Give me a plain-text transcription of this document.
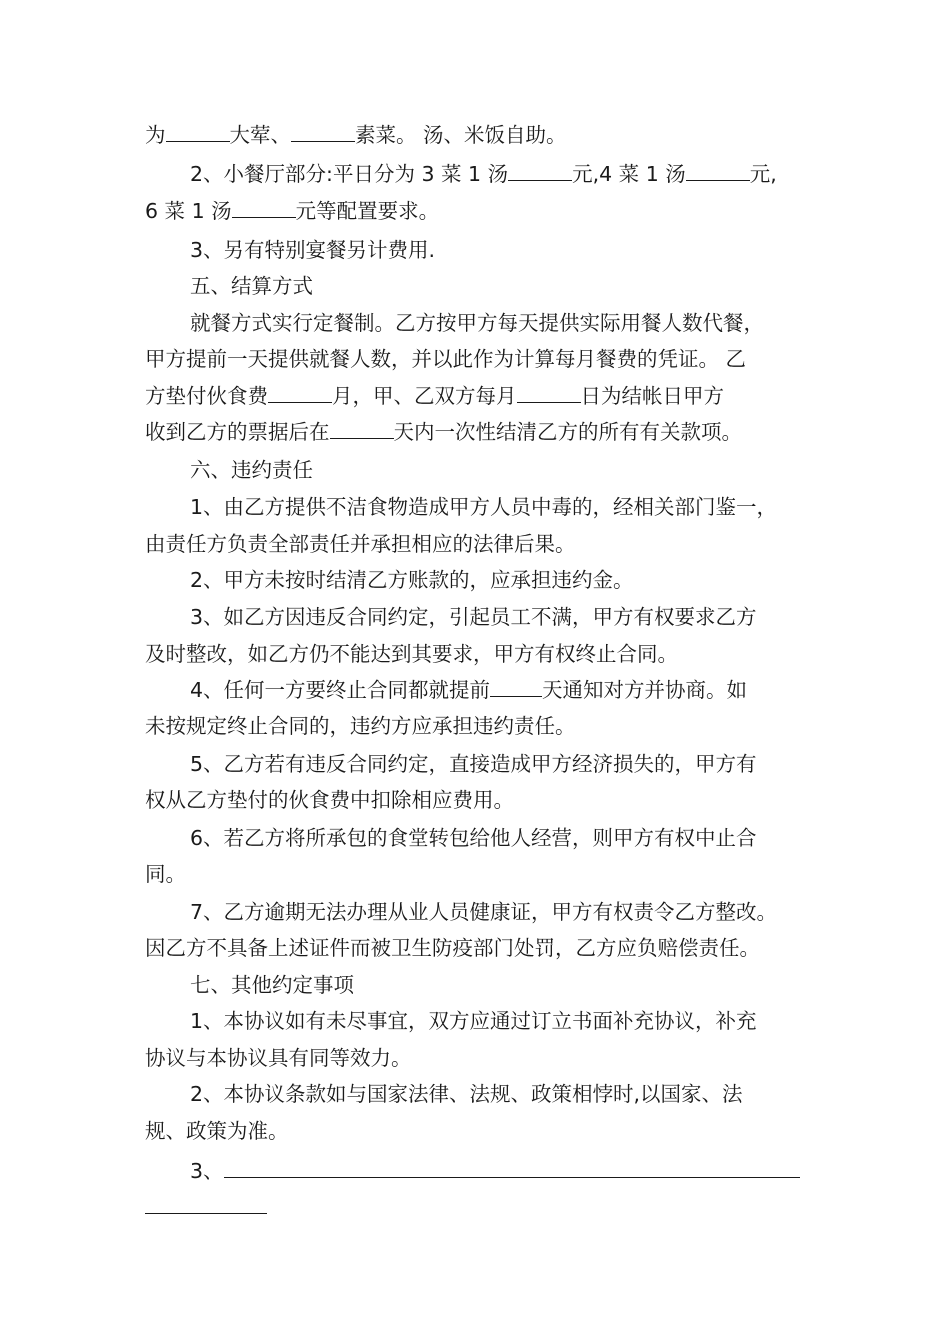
为	大荤、	素菜。 汤、米饭自助。
2、小餐厅部分:平日分为 3 菜 1 汤	元,4 菜 1 汤	元,
6 菜 1 汤	元等配置要求。
3、另有特别宴餐另计费用.
五、结算方式
就餐方式实行定餐制。乙方按甲方每天提供实际用餐人数代餐，
甲方提前一天提供就餐人数，并以此作为计算每月餐费的凭证。 乙
方垫付伙食费	月，甲、乙双方每月	日为结帐日甲方
收到乙方的票据后在	天内一次性结清乙方的所有有关款项。
六、违约责任
1、由乙方提供不洁食物造成甲方人员中毒的，经相关部门鉴一，
由责任方负责全部责任并承担相应的法律后果。
2、甲方未按时结清乙方账款的，应承担违约金。
3、如乙方因违反合同约定，引起员工不满，甲方有权要求乙方
及时整改，如乙方仍不能达到其要求，甲方有权终止合同。
4、任何一方要终止合同都就提前	天通知对方并协商。如
未按规定终止合同的，违约方应承担违约责任。
5、乙方若有违反合同约定，直接造成甲方经济损失的，甲方有
权从乙方垫付的伙食费中扣除相应费用。
6、若乙方将所承包的食堂转包给他人经营，则甲方有权中止合
同。
7、乙方逾期无法办理从业人员健康证，甲方有权责令乙方整改。
因乙方不具备上述证件而被卫生防疫部门处罚，乙方应负赔偿责任。
七、其他约定事项
1、本协议如有未尽事宜，双方应通过订立书面补充协议，补充
协议与本协议具有同等效力。
2、本协议条款如与国家法律、法规、政策相悖时,以国家、法
规、政策为准。
3、
